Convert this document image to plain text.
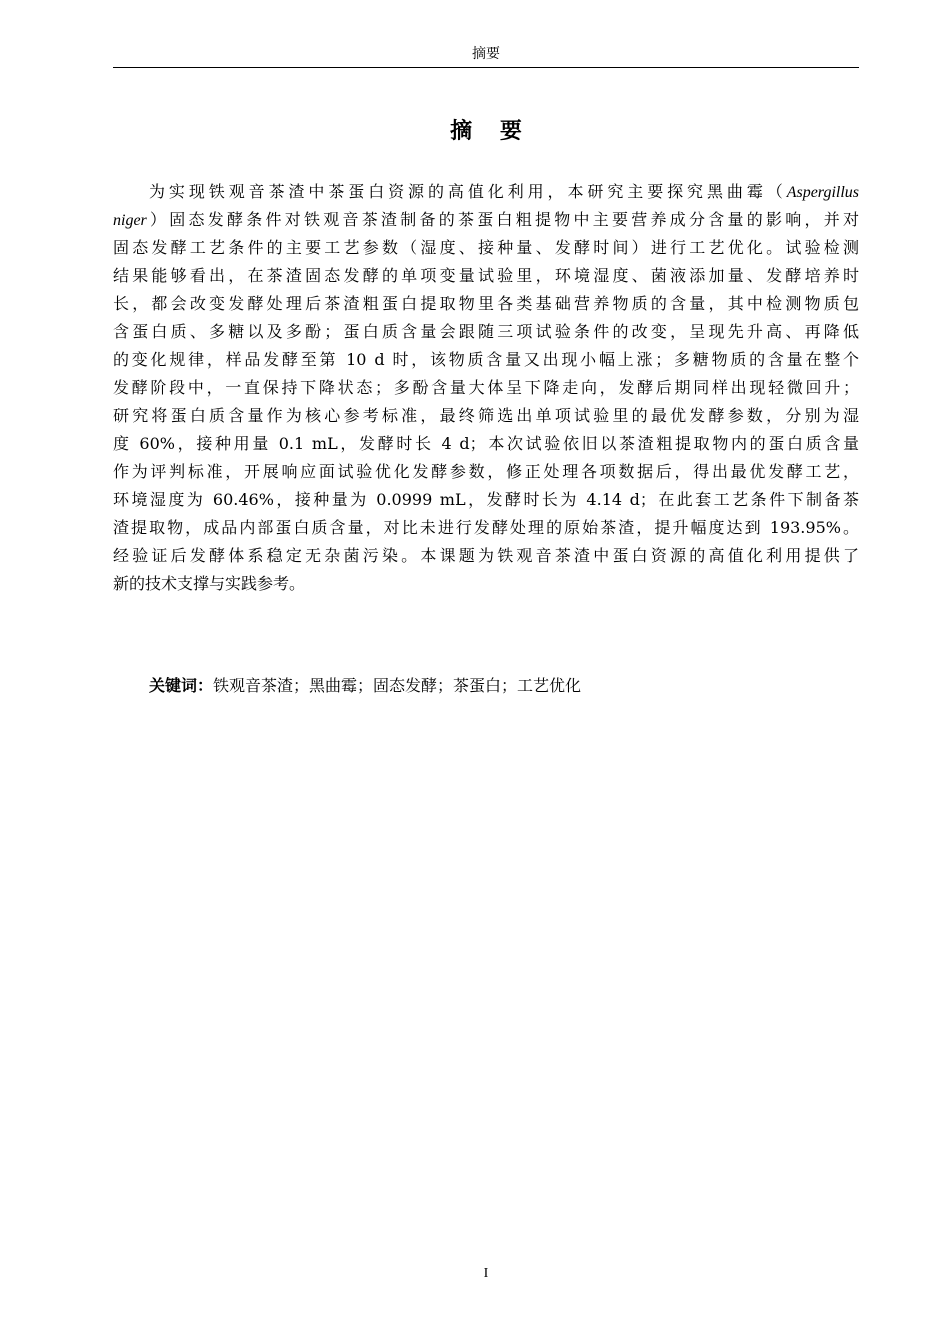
摘要
摘 要
为实现铁观音茶渣中茶蛋白资源的高值化利用，本研究主要探究黑曲霉（Aspergillus
niger）固态发酵条件对铁观音茶渣制备的茶蛋白粗提物中主要营养成分含量的影响，并对
固态发酵工艺条件的主要工艺参数（湿度、接种量、发酵时间）进行工艺优化。试验检测
结果能够看出，在茶渣固态发酵的单项变量试验里，环境湿度、菌液添加量、发酵培养时
长，都会改变发酵处理后茶渣粗蛋白提取物里各类基础营养物质的含量，其中检测物质包
含蛋白质、多糖以及多酚；蛋白质含量会跟随三项试验条件的改变，呈现先升高、再降低
的变化规律，样品发酵至第 10 d 时，该物质含量又出现小幅上涨；多糖物质的含量在整个
发酵阶段中，一直保持下降状态；多酚含量大体呈下降走向，发酵后期同样出现轻微回升；
研究将蛋白质含量作为核心参考标准，最终筛选出单项试验里的最优发酵参数，分别为湿
度 60%，接种用量 0.1 mL，发酵时长 4 d；本次试验依旧以茶渣粗提取物内的蛋白质含量
作为评判标准，开展响应面试验优化发酵参数，修正处理各项数据后，得出最优发酵工艺，
环境湿度为 60.46%，接种量为 0.0999 mL，发酵时长为 4.14 d；在此套工艺条件下制备茶
渣提取物，成品内部蛋白质含量，对比未进行发酵处理的原始茶渣，提升幅度达到 193.95%。
经验证后发酵体系稳定无杂菌污染。本课题为铁观音茶渣中蛋白资源的高值化利用提供了
新的技术支撑与实践参考。
关键词：铁观音茶渣；黑曲霉；固态发酵；茶蛋白；工艺优化
I
